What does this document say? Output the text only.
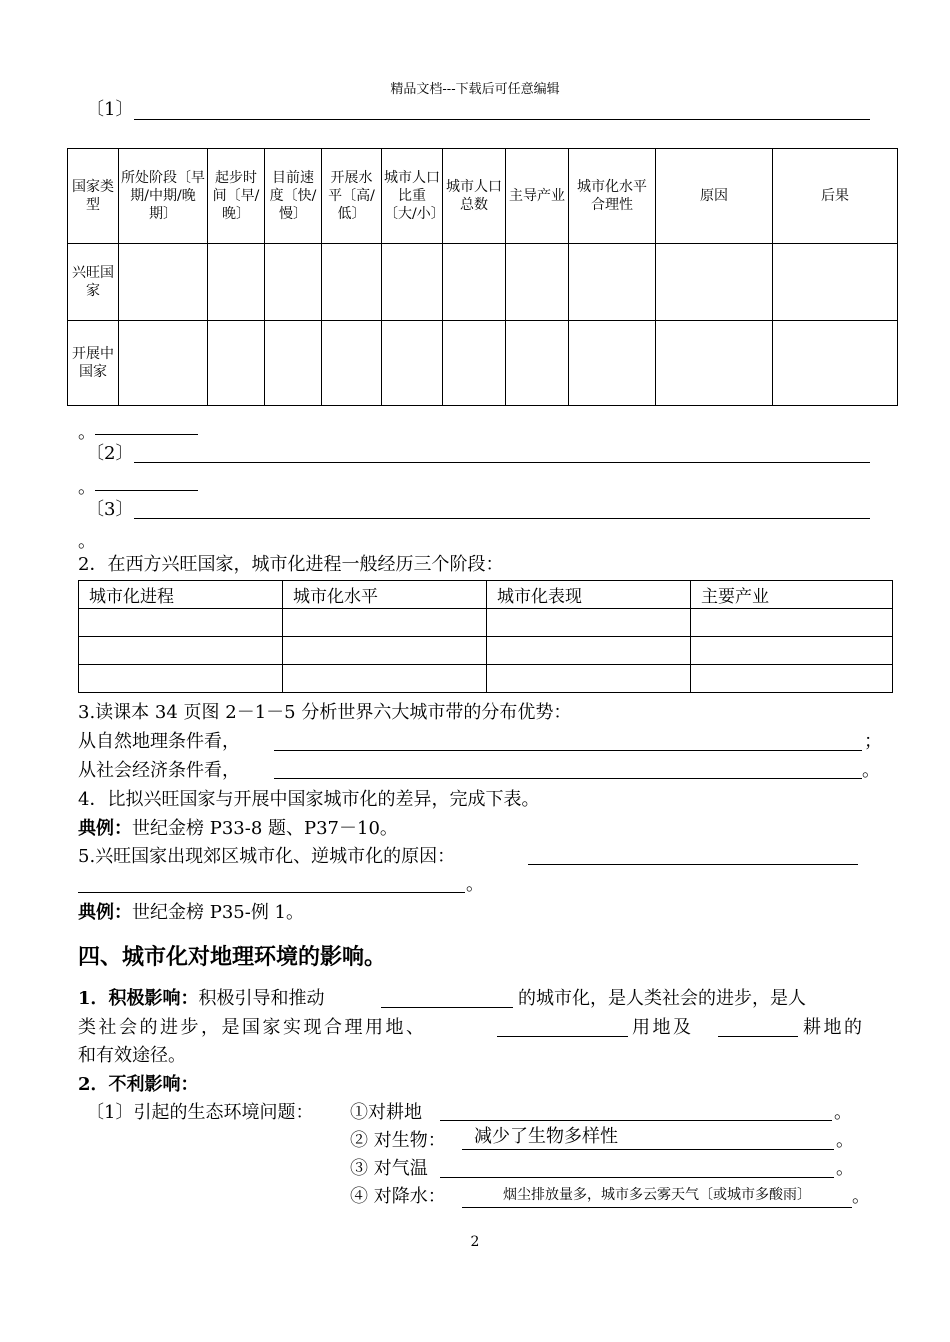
精品文档---下载后可任意编辑
〔1〕
国家类型	所处阶段〔早期/中期/晚期〕	起步时间〔早/晚〕	目前速度〔快/慢〕	开展水平〔高/低〕	城市人口比重〔大/小〕	城市人口总数	主导产业	城市化水平合理性	原因	后果
兴旺国家										
开展中国家										
。
〔2〕
。
〔3〕
。
2．在西方兴旺国家，城市化进程一般经历三个阶段：
城市化进程	城市化水平	城市化表现	主要产业

3.读课本 34 页图 2－1－5 分析世界六大城市带的分布优势：
从自然地理条件看，	；
从社会经济条件看，	。
4．比拟兴旺国家与开展中国家城市化的差异，完成下表。
典例：世纪金榜 P33-8 题、P37－10。
5.兴旺国家出现郊区城市化、逆城市化的原因：
。
典例：世纪金榜 P35-例 1。
四、城市化对地理环境的影响。
1．积极影响：积极引导和推动	的城市化，是人类社会的进步，是人
类社会的进步，是国家实现合理用地、	用地及	耕地的
和有效途径。
2．不利影响：
〔1〕引起的生态环境问题： ①对耕地	。
② 对生物：	减少了生物多样性	。
③ 对气温	。
④ 对降水：	烟尘排放量多，城市多云雾天气〔或城市多酸雨〕	。
2
